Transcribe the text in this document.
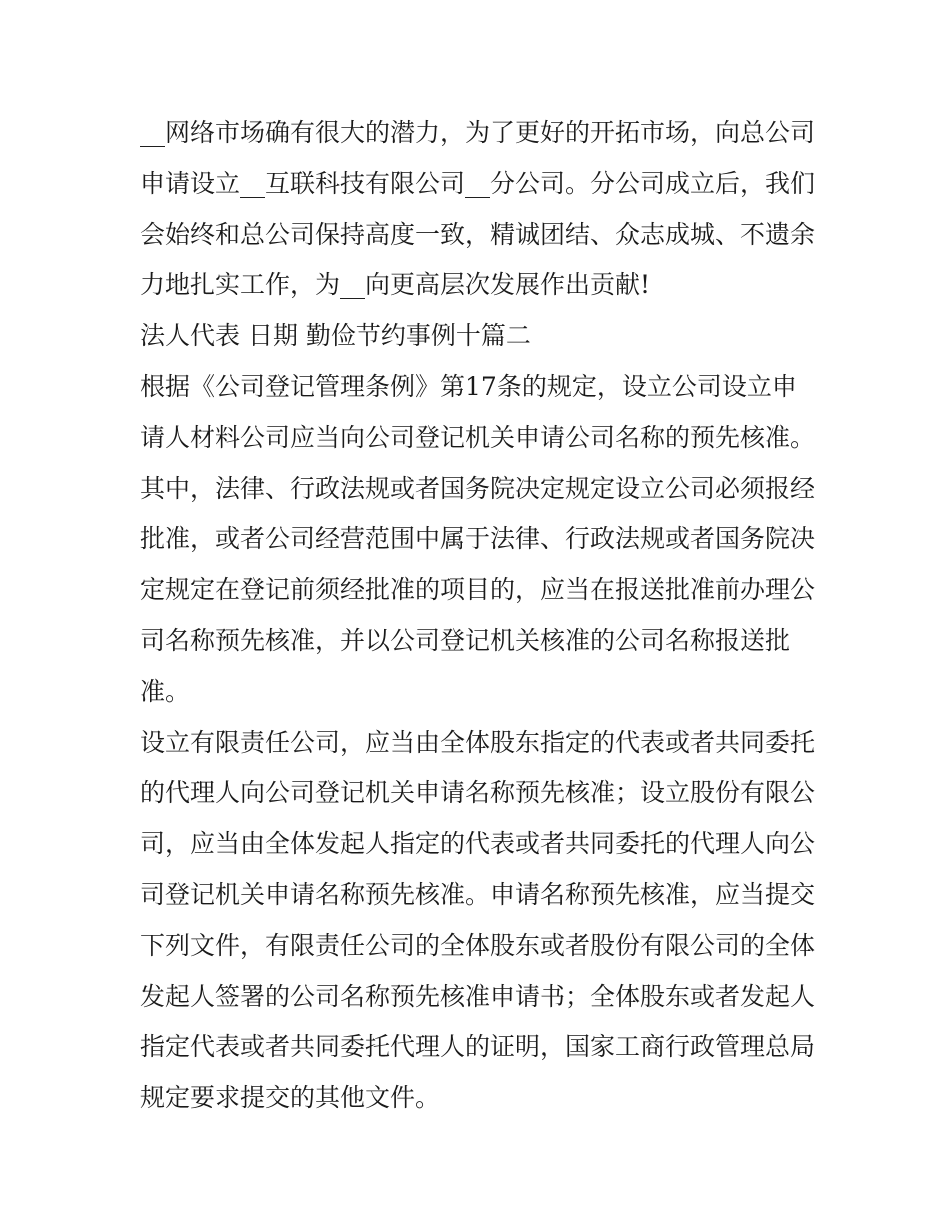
__网络市场确有很大的潜力，为了更好的开拓市场，向总公司
申请设立__互联科技有限公司__分公司。分公司成立后，我们
会始终和总公司保持高度一致，精诚团结、众志成城、不遗余
力地扎实工作，为__向更高层次发展作出贡献!
法人代表 日期 勤俭节约事例十篇二
根据《公司登记管理条例》第17条的规定，设立公司设立申
请人材料公司应当向公司登记机关申请公司名称的预先核准。
其中，法律、行政法规或者国务院决定规定设立公司必须报经
批准，或者公司经营范围中属于法律、行政法规或者国务院决
定规定在登记前须经批准的项目的，应当在报送批准前办理公
司名称预先核准，并以公司登记机关核准的公司名称报送批
准。
设立有限责任公司，应当由全体股东指定的代表或者共同委托
的代理人向公司登记机关申请名称预先核准；设立股份有限公
司，应当由全体发起人指定的代表或者共同委托的代理人向公
司登记机关申请名称预先核准。申请名称预先核准，应当提交
下列文件，有限责任公司的全体股东或者股份有限公司的全体
发起人签署的公司名称预先核准申请书；全体股东或者发起人
指定代表或者共同委托代理人的证明，国家工商行政管理总局
规定要求提交的其他文件。
